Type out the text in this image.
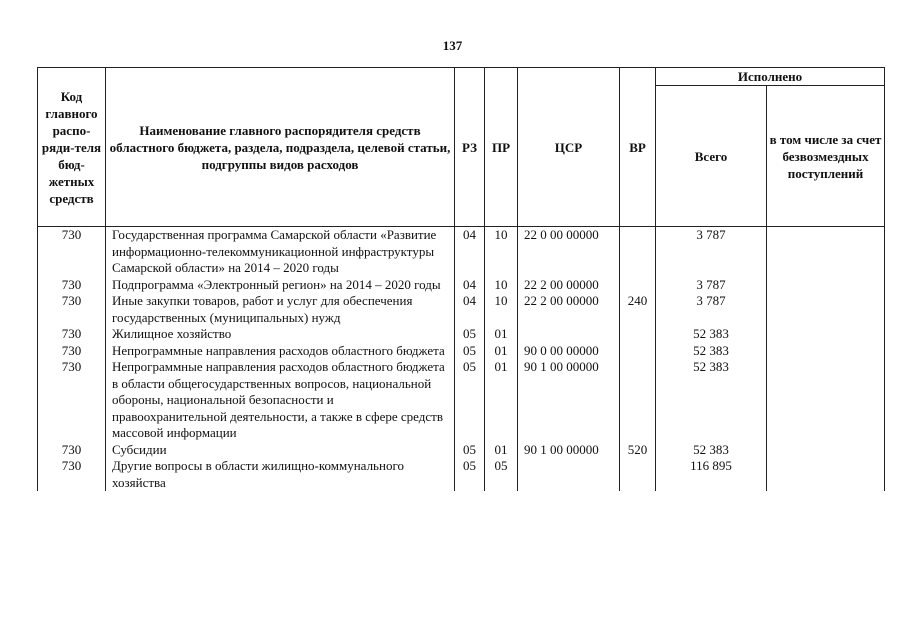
137
Код главного распо-ряди-теля бюд-жетных средств	Наименование главного распорядителя средств областного бюджета, раздела, подраздела, целевой статьи, подгруппы видов расходов	РЗ	ПР	ЦСР	ВР	Исполнено	
						Всего	в том числе за счет безвозмездных поступлений
730	Государственная программа Самарской области «Развитие информационно-телекоммуникационной инфраструктуры Самарской области» на 2014 – 2020 годы	04	10	22 0 00 00000		3 787	
730	Подпрограмма «Электронный регион» на 2014 – 2020 годы	04	10	22 2 00 00000		3 787	
730	Иные закупки товаров, работ и услуг для обеспечения государственных (муниципальных) нужд	04	10	22 2 00 00000	240	3 787	
730	Жилищное хозяйство	05	01			52 383	
730	Непрограммные направления расходов областного бюджета	05	01	90 0 00 00000		52 383	
730	Непрограммные направления расходов областного бюджета в области общегосударственных вопросов, национальной обороны, национальной безопасности и правоохранительной деятельности, а также в сфере средств массовой информации	05	01	90 1 00 00000		52 383	
730	Субсидии	05	01	90 1 00 00000	520	52 383	
730	Другие вопросы в области жилищно-коммунального хозяйства	05	05			116 895	
